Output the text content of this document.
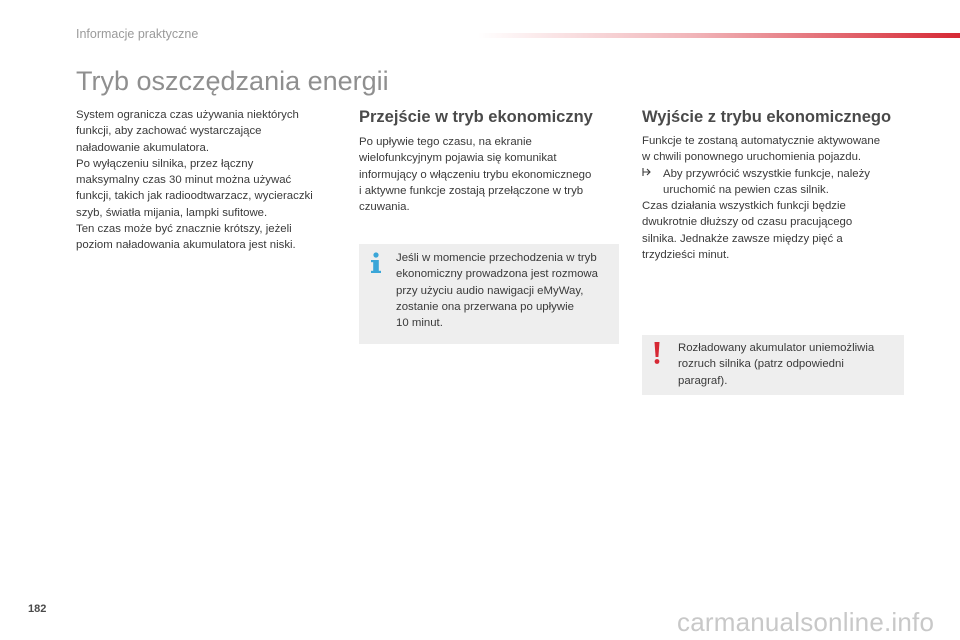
Informacje praktyczne
Tryb oszczędzania energii

System ogranicza czas używania niektórych

funkcji, aby zachować wystarczające

naładowanie akumulatora.

Po wyłączeniu silnika, przez łączny

maksymalny czas 30 minut można używać

funkcji, takich jak radioodtwarzacz, wycieraczki

szyb, światła mijania, lampki sufitowe.

Ten czas może być znacznie krótszy, jeżeli

poziom naładowania akumulatora jest niski.

Przejście w tryb ekonomiczny

Po upływie tego czasu, na ekranie

wielofunkcyjnym pojawia się komunikat

informujący o włączeniu trybu ekonomicznego

i aktywne funkcje zostają przełączone w tryb

czuwania.

Jeśli w momencie przechodzenia w tryb

ekonomiczny prowadzona jest rozmowa

przy użyciu audio nawigacji eMyWay,

zostanie ona przerwana po upływie

10 minut.

Wyjście z trybu ekonomicznego

Funkcje te zostaną automatycznie aktywowane

w chwili ponownego uruchomienia pojazdu.

Aby przywrócić wszystkie funkcje, należy

uruchomić na pewien czas silnik.

Czas działania wszystkich funkcji będzie

dwukrotnie dłuższy od czasu pracującego

silnika. Jednakże zawsze między pięć a

trzydzieści minut.

Rozładowany akumulator uniemożliwia

rozruch silnika (patrz odpowiedni

paragraf).

182	carmanualsonline.info
